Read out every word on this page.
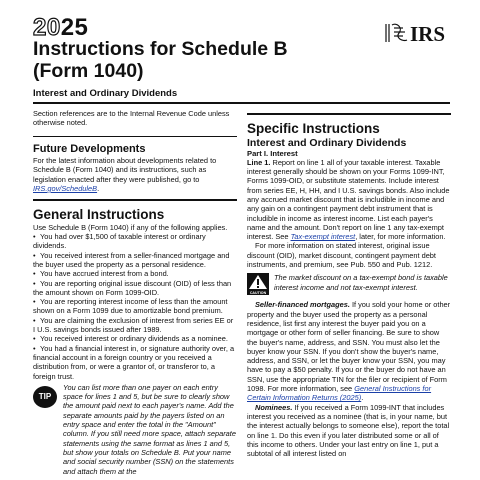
2025
Instructions for Schedule B
(Form 1040)
IRS
Interest and Ordinary Dividends

Section references are to the Internal Revenue Code unless otherwise noted.

Future Developments

For the latest information about developments related to Schedule B (Form 1040) and its instructions, such as legislation enacted after they were published, go to
IRS.gov/ScheduleB.

General Instructions

Use Schedule B (Form 1040) if any of the following applies.

• You had over $1,500 of taxable interest or ordinary dividends.

• You received interest from a seller-financed mortgage and the buyer used the property as a personal residence.

• You have accrued interest from a bond.

• You are reporting original issue discount (OID) of less than the amount shown on Form 1099-OID.

• You are reporting interest income of less than the amount shown on a Form 1099 due to amortizable bond premium.

• You are claiming the exclusion of interest from series EE or I U.S. savings bonds issued after 1989.

• You received interest or ordinary dividends as a nominee.

• You had a financial interest in, or signature authority over, a financial account in a foreign country or you received a distribution from, or were a grantor of, or transferor to, a foreign trust.

TIP

You can list more than one payer on each entry space for lines 1 and 5, but be sure to clearly show the amount paid next to each payer's name. Add the separate amounts paid by the payers listed on an entry space and enter the total in the "Amount" column. If you still need more space, attach separate statements using the same format as lines 1 and 5, but show your totals on Schedule B. Put your name and social security number (SSN) on the statements and attach them at the

Specific Instructions

Interest and Ordinary Dividends

Part I. Interest

Line 1. Report on line 1 all of your taxable interest. Taxable interest generally should be shown on your Forms 1099-INT, Forms 1099-OID, or substitute statements. Include interest from series EE, H, HH, and I U.S. savings bonds. Also include any accrued market discount that is includible in income and any gain on a contingent payment debt instrument that is includible in income as interest income. List each payer's name and the amount. Don't report on line 1 any tax-exempt interest. See Tax-exempt interest, later, for more information.

For more information on stated interest, original issue discount (OID), market discount, contingent payment debt instruments, and premium, see Pub. 550 and Pub. 1212.

CAUTION

The market discount on a tax-exempt bond is taxable interest income and not tax-exempt interest.

Seller-financed mortgages. If you sold your home or other property and the buyer used the property as a personal residence, list first any interest the buyer paid you on a mortgage or other form of seller financing. Be sure to show the buyer's name, address, and SSN. You must also let the buyer know your SSN. If you don't show the buyer's name, address, and SSN, or let the buyer know your SSN, you may have to pay a $50 penalty. If you or the buyer do not have an SSN, use the appropriate TIN for the filer or recipient of Form 1098. For more information, see General Instructions for Certain Information Returns (2025).

Nominees. If you received a Form 1099-INT that includes interest you received as a nominee (that is, in your name, but the interest actually belongs to someone else), report the total on line 1. Do this even if you later distributed some or all of this income to others. Under your last entry on line 1, put a subtotal of all interest listed on
